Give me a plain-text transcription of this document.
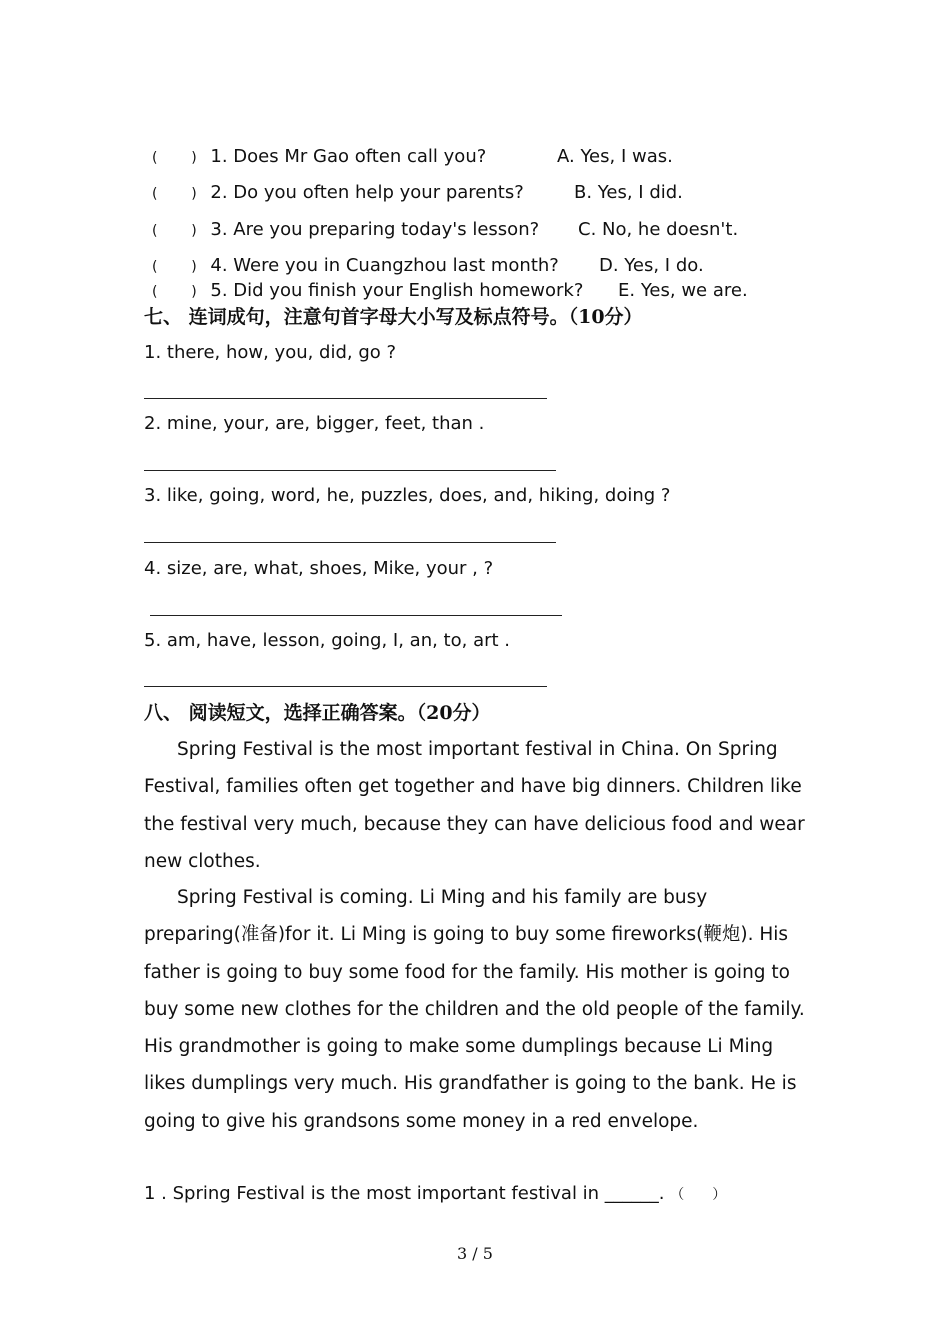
( ) 1. Does Mr Gao often call you?	A. Yes, I was.
( ) 2. Do you often help your parents?	B. Yes, I did.
( ) 3. Are you preparing today's lesson? C. No, he doesn't.
( ) 4. Were you in Cuangzhou last month? D. Yes, I do.
( ) 5. Did you finish your English homework? E. Yes, we are.
七、 连词成句，注意句首字母大小写及标点符号。（10分）
1. there, how, you, did, go ?
2. mine, your, are, bigger, feet, than .
3. like, going, word, he, puzzles, does, and, hiking, doing ?
4. size, are, what, shoes, Mike, your , ?
5. am, have, lesson, going, I, an, to, art .
八、 阅读短文，选择正确答案。（20分）
Spring Festival is the most important festival in China. On Spring Festival, families often get together and have big dinners. Children like the festival very much, because they can have delicious food and wear new clothes.
Spring Festival is coming. Li Ming and his family are busy preparing(准备)for it. Li Ming is going to buy some fireworks(鞭炮). His father is going to buy some food for the family. His mother is going to buy some new clothes for the children and the old people of the family. His grandmother is going to make some dumplings because Li Ming likes dumplings very much. His grandfather is going to the bank. He is going to give his grandsons some money in a red envelope.
1 . Spring Festival is the most important festival in ______. （　　）
3 / 5
